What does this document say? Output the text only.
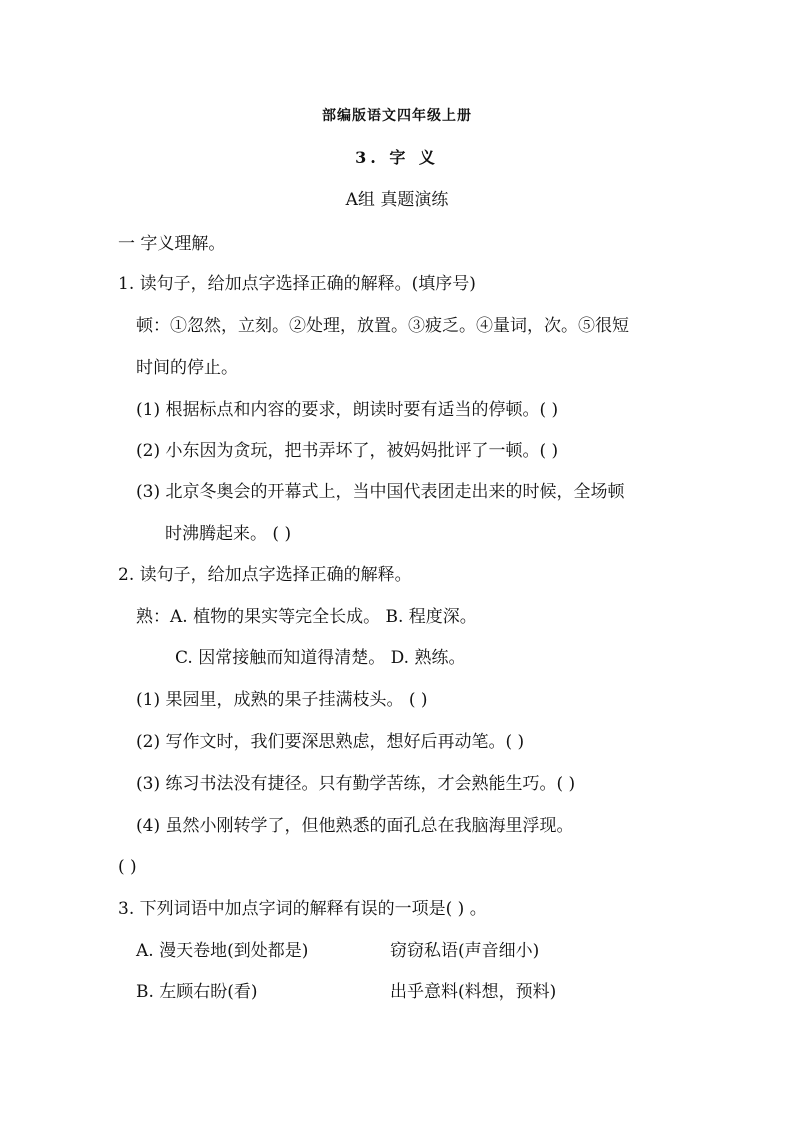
部编版语文四年级上册
3. 字 义
A组 真题演练
一 字义理解。
1. 读句子，给加点字选择正确的解释。(填序号)
顿：①忽然，立刻。②处理，放置。③疲乏。④量词，次。⑤很短
时间的停止。
(1) 根据标点和内容的要求，朗读时要有适当的停顿。( )
(2) 小东因为贪玩，把书弄坏了，被妈妈批评了一顿。( )
(3) 北京冬奥会的开幕式上，当中国代表团走出来的时候，全场顿
时沸腾起来。 ( )
2. 读句子，给加点字选择正确的解释。
熟：A. 植物的果实等完全长成。 B. 程度深。
C. 因常接触而知道得清楚。 D. 熟练。
(1) 果园里，成熟的果子挂满枝头。 ( )
(2) 写作文时，我们要深思熟虑，想好后再动笔。( )
(3) 练习书法没有捷径。只有勤学苦练，才会熟能生巧。( )
(4) 虽然小刚转学了，但他熟悉的面孔总在我脑海里浮现。
( )
3. 下列词语中加点字词的解释有误的一项是( ) 。
A. 漫天卷地(到处都是)	窃窃私语(声音细小)
B. 左顾右盼(看)	出乎意料(料想，预料)
